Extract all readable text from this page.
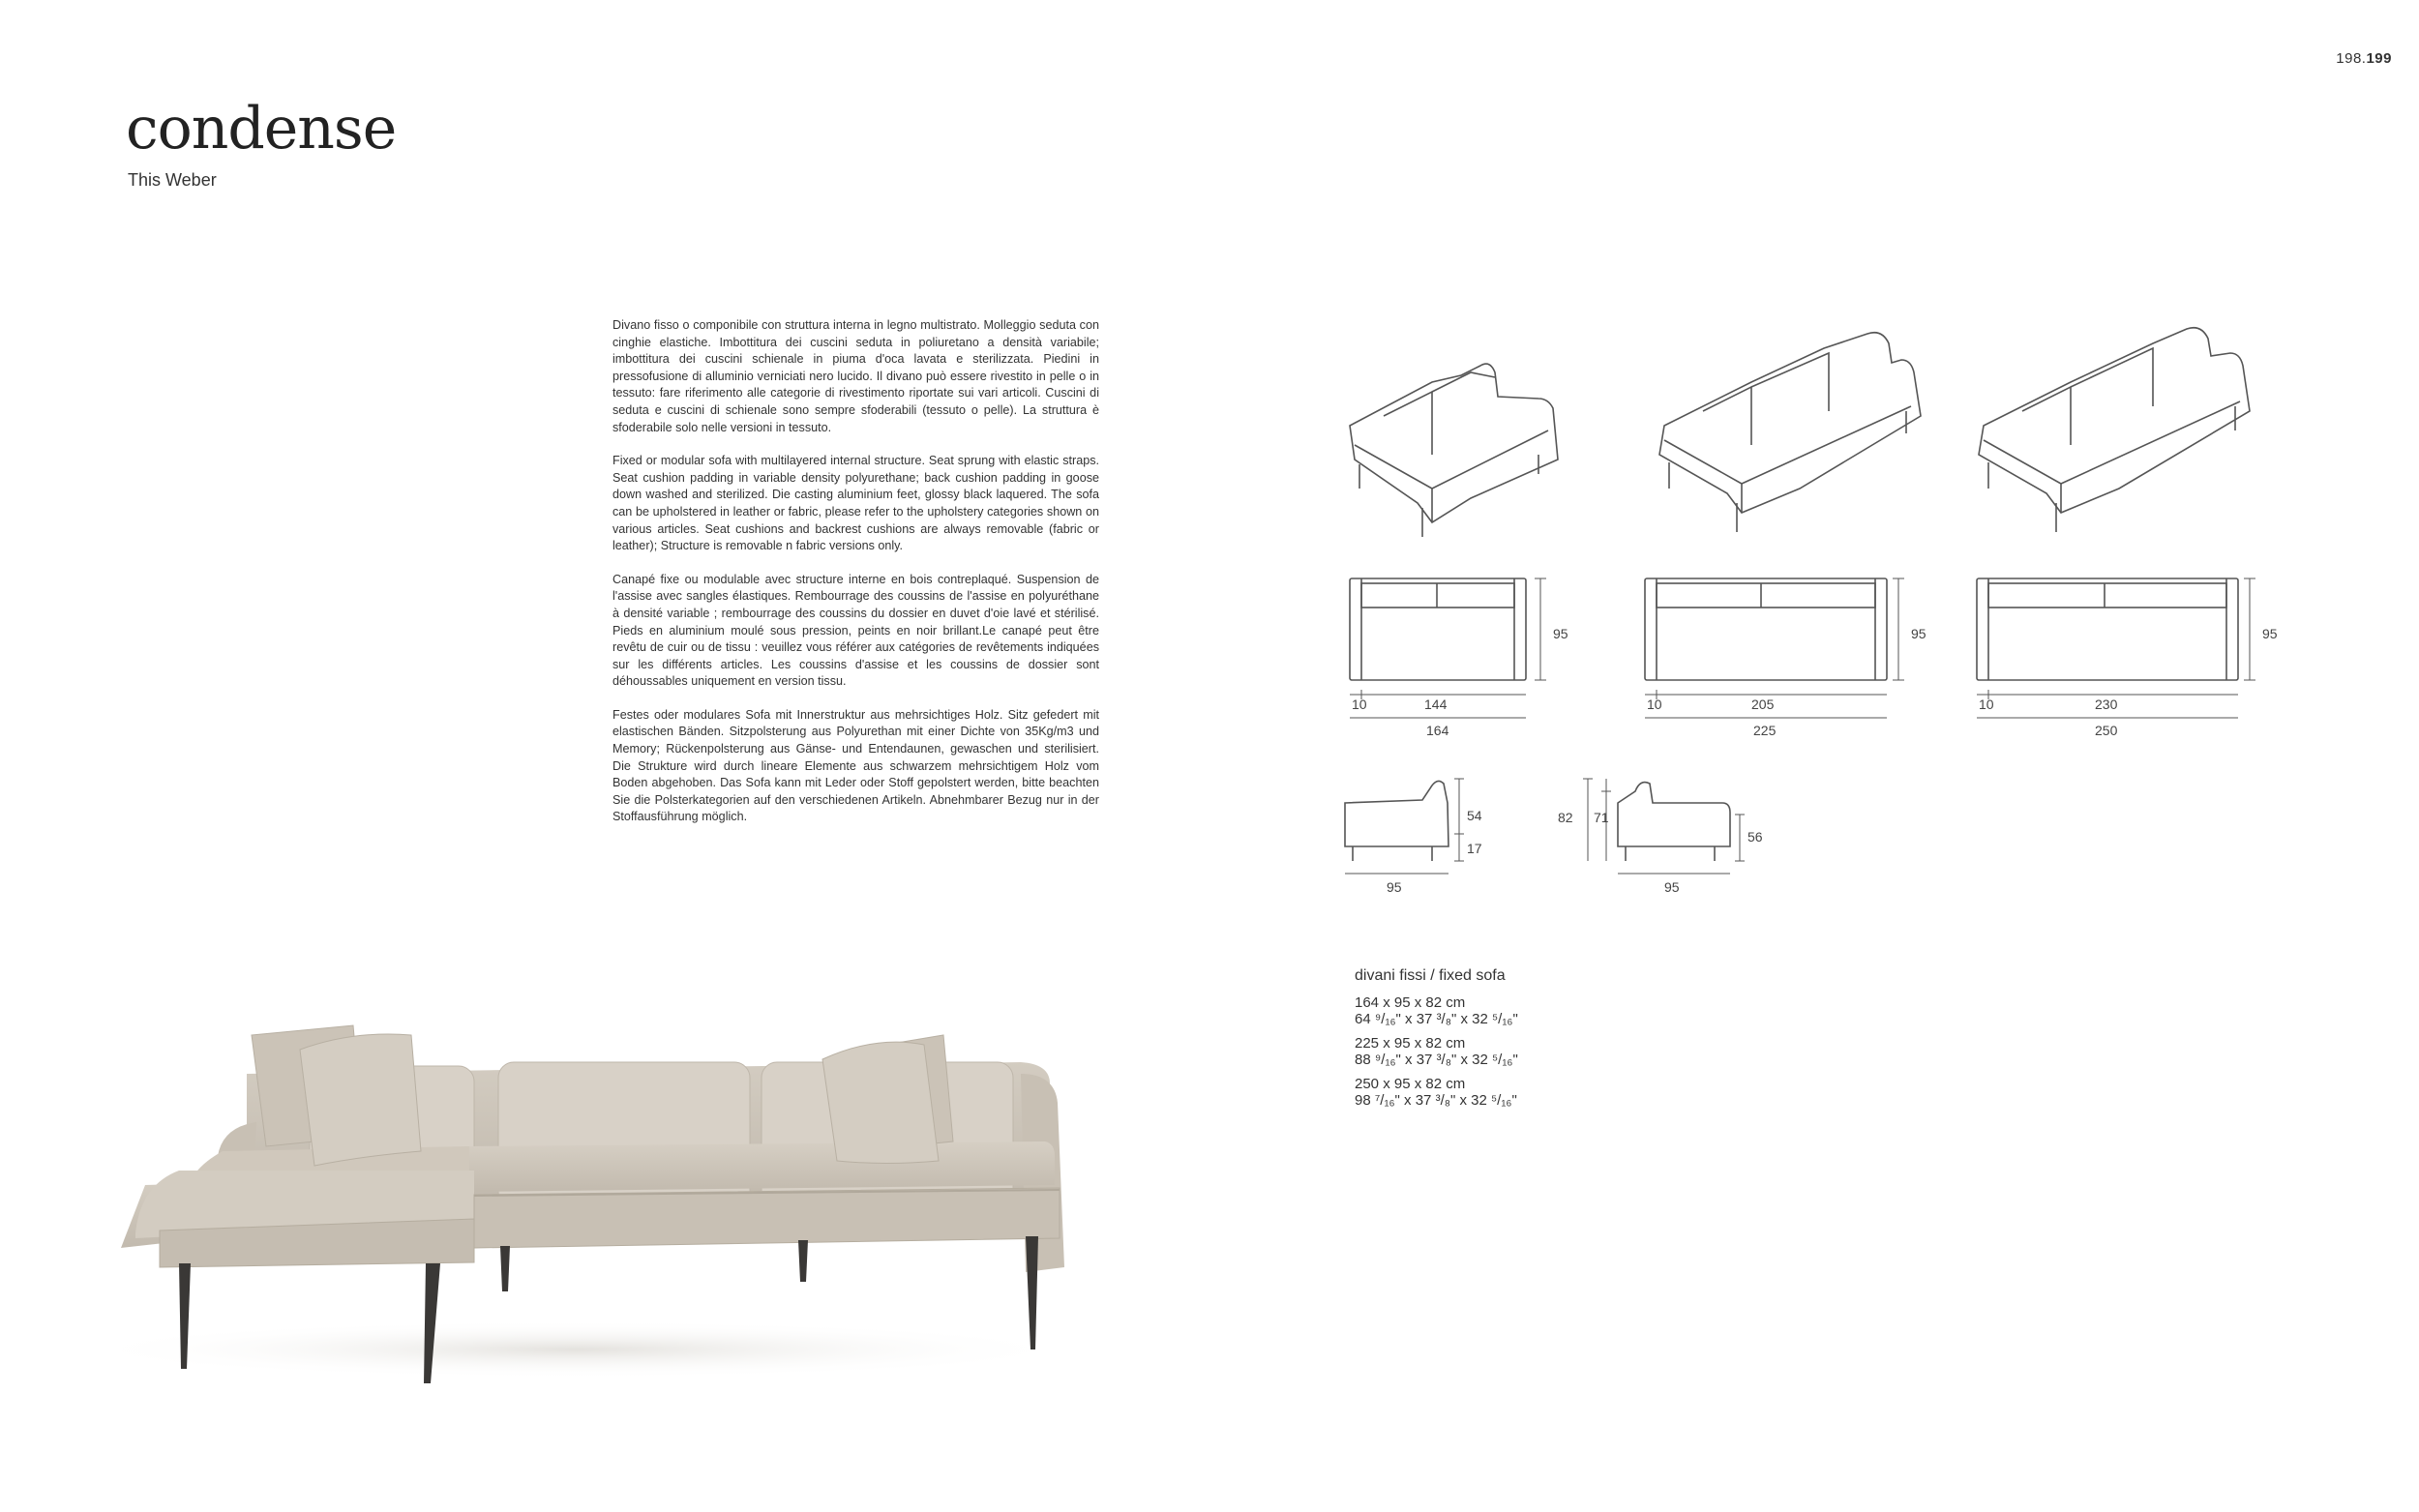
198.199
condense
This Weber

Divano fisso o componibile con struttura interna in legno multistrato. Molleggio seduta con cinghie elastiche. Imbottitura dei cuscini seduta in poliuretano a densità variabile; imbottitura dei cuscini schienale in piuma d'oca lavata e sterilizzata. Piedini in pressofusione di alluminio verniciati nero lucido. Il divano può essere rivestito in pelle o in tessuto: fare riferimento alle categorie di rivestimento riportate sui vari articoli. Cuscini di seduta e cuscini di schienale sono sempre sfoderabili (tessuto o pelle). La struttura è sfoderabile solo nelle versioni in tessuto.

Fixed or modular sofa with multilayered internal structure. Seat sprung with elastic straps. Seat cushion padding in variable density polyurethane; back cushion padding in goose down washed and sterilized. Die casting aluminium feet, glossy black laquered. The sofa can be upholstered in leather or fabric, please refer to the upholstery categories shown on various articles. Seat cushions and backrest cushions are always removable (fabric or leather); Structure is removable n fabric versions only.

Canapé fixe ou modulable avec structure interne en bois contreplaqué. Suspension de l'assise avec sangles élastiques. Rembourrage des coussins de l'assise en polyuréthane à densité variable ; rembourrage des coussins du dossier en duvet d'oie lavé et stérilisé. Pieds en aluminium moulé sous pression, peints en noir brillant.Le canapé peut être revêtu de cuir ou de tissu : veuillez vous référer aux catégories de revêtements indiquées sur les différents articles. Les coussins d'assise et les coussins de dossier sont déhoussables uniquement en version tissu.

Festes oder modulares Sofa mit Innerstruktur aus mehrsichtiges Holz. Sitz gefedert mit elastischen Bänden. Sitzpolsterung aus Polyurethan mit einer Dichte von 35Kg/m3 und Memory; Rückenpolsterung aus Gänse- und Entendaunen, gewaschen und sterilisiert. Die Strukture wird durch lineare Elemente aus schwarzem mehrsichtigem Holz vom Boden abgehoben. Das Sofa kann mit Leder oder Stoff gepolstert werden, bitte beachten Sie die Polsterkategorien auf den verschiedenen Artikeln. Abnehmbarer Bezug nur in der Stoffausführung möglich.

95
10	144
164
95
10	205
225
95
10	230
250
54
17
95
82 71
56
95
divani fissi / fixed sofa
164 x 95 x 82 cm
64 ⁹/₁₆" x 37 ³/₈" x 32 ⁵/₁₆"
225 x 95 x 82 cm
88 ⁹/₁₆" x 37 ³/₈" x 32 ⁵/₁₆"
250 x 95 x 82 cm
98 ⁷/₁₆" x 37 ³/₈" x 32 ⁵/₁₆"
